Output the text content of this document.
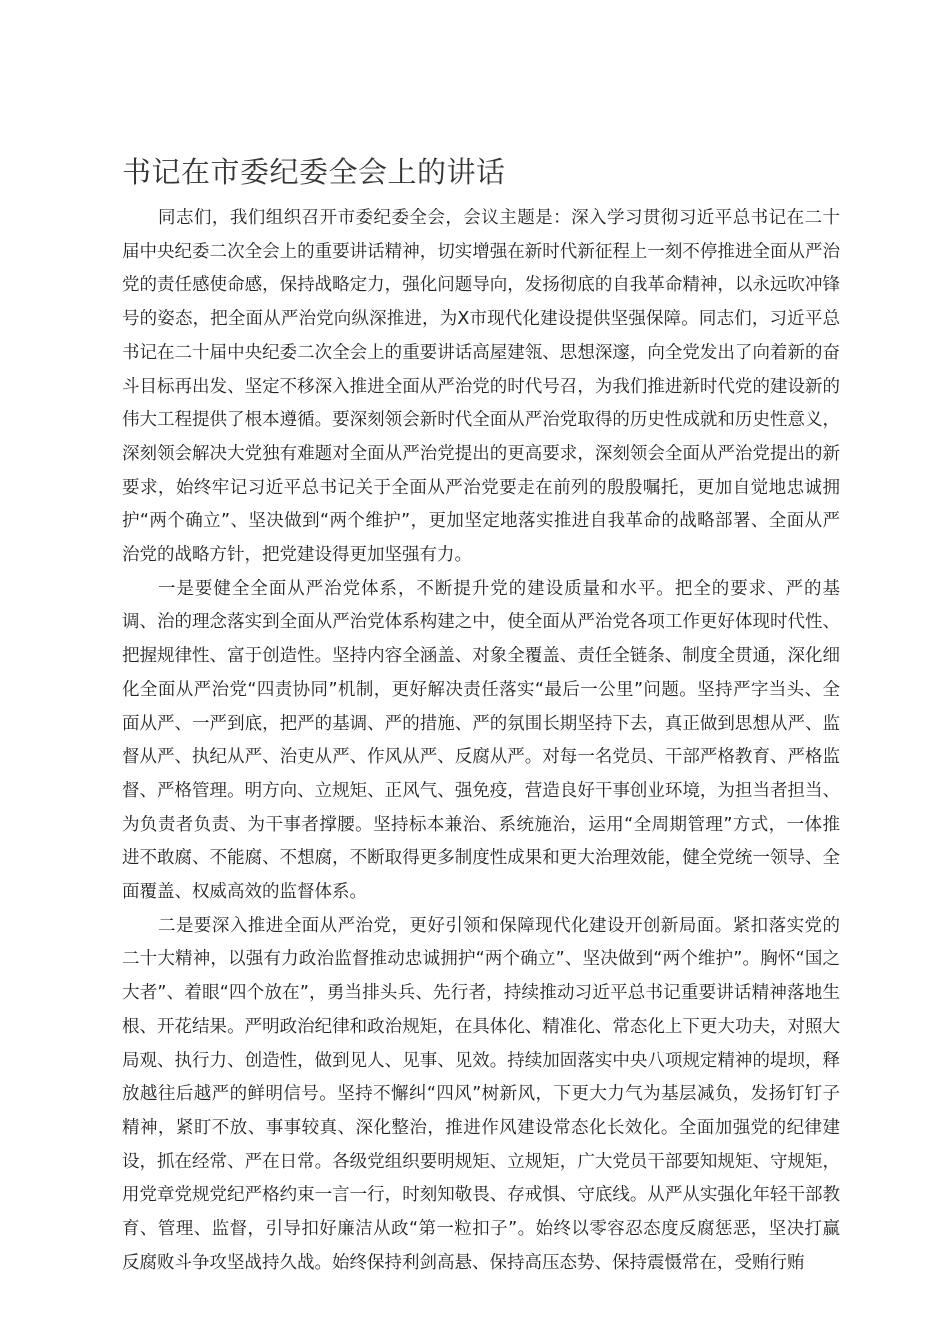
书记在市委纪委全会上的讲话

同志们，我们组织召开市委纪委全会，会议主题是：深入学习贯彻习近平总书记在二十届中央纪委二次全会上的重要讲话精神，切实增强在新时代新征程上一刻不停推进全面从严治党的责任感使命感，保持战略定力，强化问题导向，发扬彻底的自我革命精神，以永远吹冲锋号的姿态，把全面从严治党向纵深推进，为X市现代化建设提供坚强保障。同志们，习近平总书记在二十届中央纪委二次全会上的重要讲话高屋建瓴、思想深邃，向全党发出了向着新的奋斗目标再出发、坚定不移深入推进全面从严治党的时代号召，为我们推进新时代党的建设新的伟大工程提供了根本遵循。要深刻领会新时代全面从严治党取得的历史性成就和历史性意义，深刻领会解决大党独有难题对全面从严治党提出的更高要求，深刻领会全面从严治党提出的新要求，始终牢记习近平总书记关于全面从严治党要走在前列的殷殷嘱托，更加自觉地忠诚拥护“两个确立”、坚决做到“两个维护”，更加坚定地落实推进自我革命的战略部署、全面从严治党的战略方针，把党建设得更加坚强有力。

一是要健全全面从严治党体系，不断提升党的建设质量和水平。把全的要求、严的基调、治的理念落实到全面从严治党体系构建之中，使全面从严治党各项工作更好体现时代性、把握规律性、富于创造性。坚持内容全涵盖、对象全覆盖、责任全链条、制度全贯通，深化细化全面从严治党“四责协同”机制，更好解决责任落实“最后一公里”问题。坚持严字当头、全面从严、一严到底，把严的基调、严的措施、严的氛围长期坚持下去，真正做到思想从严、监督从严、执纪从严、治吏从严、作风从严、反腐从严。对每一名党员、干部严格教育、严格监督、严格管理。明方向、立规矩、正风气、强免疫，营造良好干事创业环境，为担当者担当、为负责者负责、为干事者撑腰。坚持标本兼治、系统施治，运用“全周期管理”方式，一体推进不敢腐、不能腐、不想腐，不断取得更多制度性成果和更大治理效能，健全党统一领导、全面覆盖、权威高效的监督体系。

二是要深入推进全面从严治党，更好引领和保障现代化建设开创新局面。紧扣落实党的二十大精神，以强有力政治监督推动忠诚拥护“两个确立”、坚决做到“两个维护”。胸怀“国之大者”、着眼“四个放在”，勇当排头兵、先行者，持续推动习近平总书记重要讲话精神落地生根、开花结果。严明政治纪律和政治规矩，在具体化、精准化、常态化上下更大功夫，对照大局观、执行力、创造性，做到见人、见事、见效。持续加固落实中央八项规定精神的堤坝，释放越往后越严的鲜明信号。坚持不懈纠“四风”树新风，下更大力气为基层减负，发扬钉钉子精神，紧盯不放、事事较真、深化整治，推进作风建设常态化长效化。全面加强党的纪律建设，抓在经常、严在日常。各级党组织要明规矩、立规矩，广大党员干部要知规矩、守规矩，用党章党规党纪严格约束一言一行，时刻知敬畏、存戒惧、守底线。从严从实强化年轻干部教育、管理、监督，引导扣好廉洁从政“第一粒扣子”。始终以零容忍态度反腐惩恶，坚决打赢反腐败斗争攻坚战持久战。始终保持利剑高悬、保持高压态势、保持震慑常在，受贿行贿
